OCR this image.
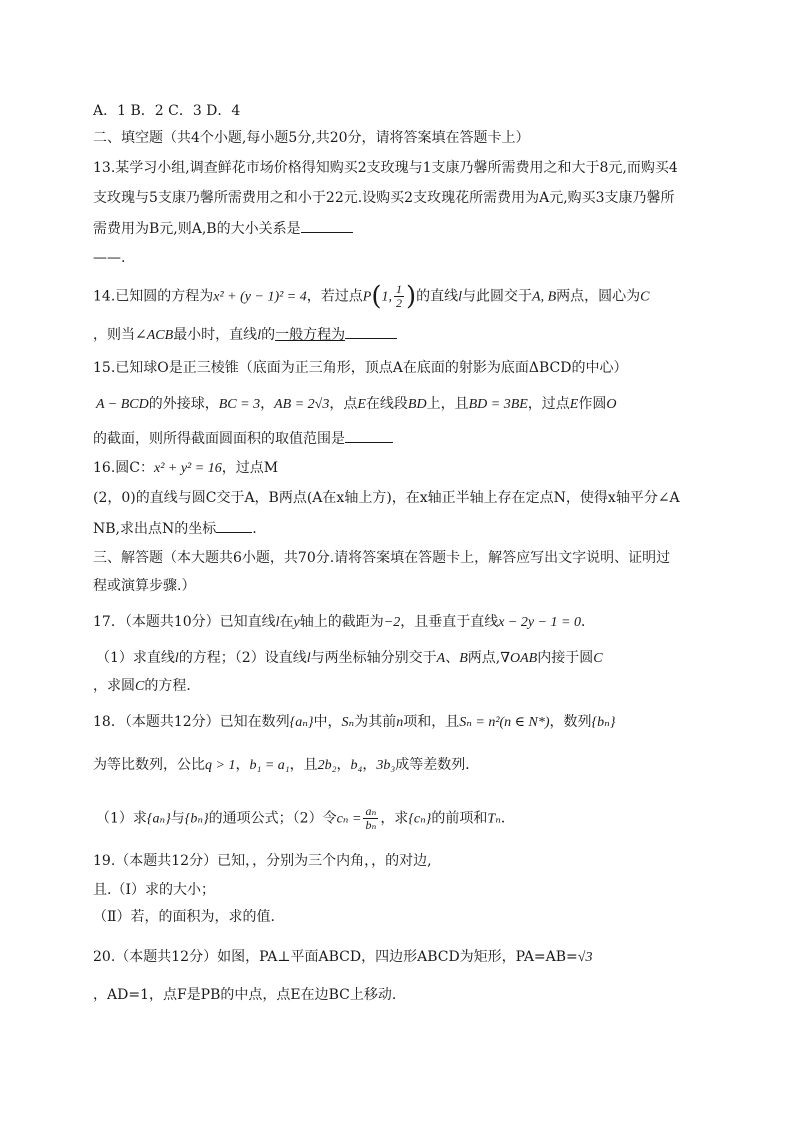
A．1 B．2 C．3 D．4
二、填空题（共4个小题,每小题5分,共20分，请将答案填在答题卡上）
13.某学习小组,调查鲜花市场价格得知购买2支玫瑰与1支康乃馨所需费用之和大于8元,而购买4
支玫瑰与5支康乃馨所需费用之和小于22元.设购买2支玫瑰花所需费用为A元,购买3支康乃馨所
需费用为B元,则A,B的大小关系是
——.
14.已知圆的方程为x² + (y − 1)² = 4，若过点P(1, $\frac{1}{2}$ )的直线l与此圆交于A, B两点，圆心为C
，则当∠ACB最小时，直线l的一般方程为
15.已知球O是正三棱锥（底面为正三角形，顶点A在底面的射影为底面ΔBCD的中心）
A − BCD的外接球，BC = 3，AB = 2√3，点E在线段BD上，且BD = 3BE，过点E作圆O
的截面，则所得截面圆面积的取值范围是
16.圆C：x² + y² = 16，过点M
(2，0)的直线与圆C交于A，B两点(A在x轴上方)，在x轴正半轴上存在定点N，使得x轴平分∠A
NB,求出点N的坐标	.
三、解答题（本大题共6小题，共70分.请将答案填在答题卡上，解答应写出文字说明、证明过
程或演算步骤.）
17．（本题共10分）已知直线l在y轴上的截距为−2，且垂直于直线x − 2y − 1 = 0．
（1）求直线l的方程；（2）设直线l与两坐标轴分别交于A、B两点,∇OAB内接于圆C
，求圆C的方程．
18．（本题共12分）已知在数列{aₙ}中，Sₙ为其前n项和，且Sₙ = n²(n ∈ N*)，数列{bₙ}
为等比数列，公比q > 1，b₁ = a₁，且2b₂，b₄，3b₃成等差数列．
（1）求{aₙ}与{bₙ}的通项公式；（2）令$c_n = \frac{\text{aₙ}}{\text{bₙ}}$ ，求{cₙ}的前项和Tₙ．
19.（本题共12分）已知，，分别为三个内角，，的对边,
且.（Ⅰ）求的大小；
（Ⅱ）若，的面积为，求的值.
20.（本题共12分）如图，PA⊥平面ABCD，四边形ABCD为矩形，PA=AB=√3
，AD=1，点F是PB的中点，点E在边BC上移动.
